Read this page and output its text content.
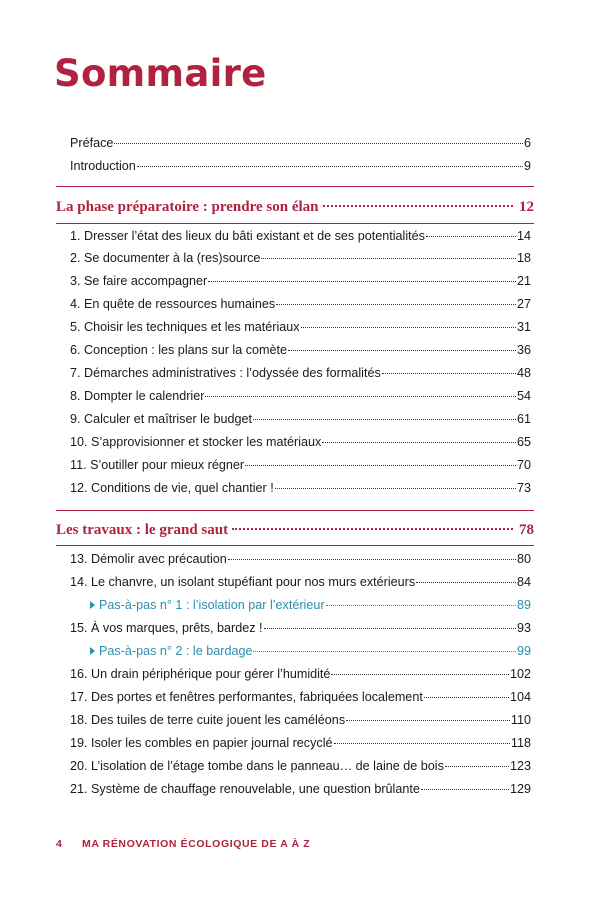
Sommaire
Préface	6
Introduction	9
La phase préparatoire : prendre son élan	12
1. Dresser l’état des lieux du bâti existant et de ses potentialités	14
2. Se documenter à la (res)source	18
3. Se faire accompagner	21
4. En quête de ressources humaines	27
5. Choisir les techniques et les matériaux	31
6. Conception : les plans sur la comète	36
7. Démarches administratives : l’odyssée des formalités	48
8. Dompter le calendrier	54
9. Calculer et maîtriser le budget	61
10. S’approvisionner et stocker les matériaux	65
11. S’outiller pour mieux régner	70
12. Conditions de vie, quel chantier !	73
Les travaux : le grand saut	78
13. Démolir avec précaution	80
14. Le chanvre, un isolant stupéfiant pour nos murs extérieurs	84
Pas-à-pas n° 1 : l’isolation par l’extérieur	89
15. À vos marques, prêts, bardez !	93
Pas-à-pas n° 2 : le bardage	99
16. Un drain périphérique pour gérer l’humidité	102
17. Des portes et fenêtres performantes, fabriquées localement	104
18. Des tuiles de terre cuite jouent les caméléons	110
19. Isoler les combles en papier journal recyclé	118
20. L’isolation de l’étage tombe dans le panneau… de laine de bois	123
21. Système de chauffage renouvelable, une question brûlante	129
4 MA RÉNOVATION ÉCOLOGIQUE DE A À Z
